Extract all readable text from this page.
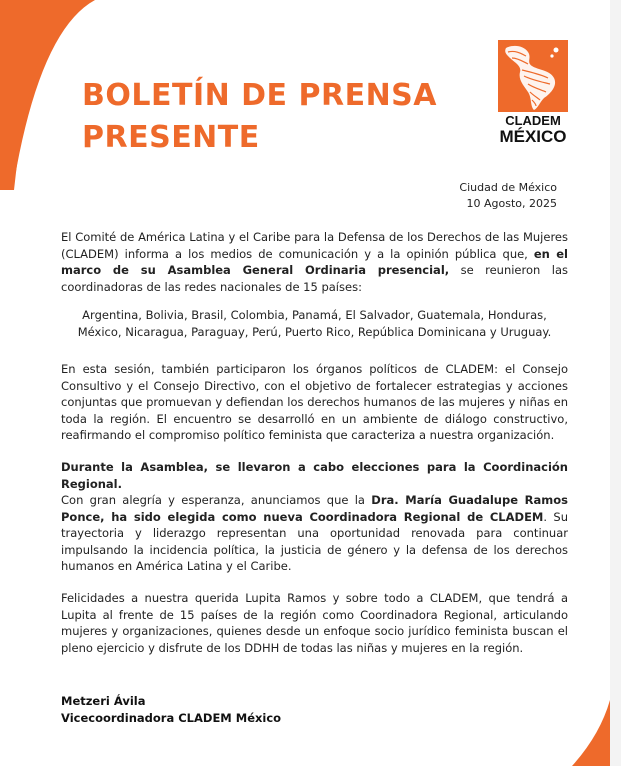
BOLETÍN DE PRENSA
PRESENTE	CLADEM
MÉXICO
Ciudad de México
10 Agosto, 2025

El Comité de América Latina y el Caribe para la Defensa de los Derechos de las Mujeres (CLADEM) informa a los medios de comunicación y a la opinión pública que, en el marco de su Asamblea General Ordinaria presencial, se reunieron las coordinadoras de las redes nacionales de 15 países:

Argentina, Bolivia, Brasil, Colombia, Panamá, El Salvador, Guatemala, Honduras, México, Nicaragua, Paraguay, Perú, Puerto Rico, República Dominicana y Uruguay.

En esta sesión, también participaron los órganos políticos de CLADEM: el Consejo Consultivo y el Consejo Directivo, con el objetivo de fortalecer estrategias y acciones conjuntas que promuevan y defiendan los derechos humanos de las mujeres y niñas en toda la región. El encuentro se desarrolló en un ambiente de diálogo constructivo, reafirmando el compromiso político feminista que caracteriza a nuestra organización.

Durante la Asamblea, se llevaron a cabo elecciones para la Coordinación Regional.

Con gran alegría y esperanza, anunciamos que la Dra. María Guadalupe Ramos Ponce, ha sido elegida como nueva Coordinadora Regional de CLADEM. Su trayectoria y liderazgo representan una oportunidad renovada para continuar impulsando la incidencia política, la justicia de género y la defensa de los derechos humanos en América Latina y el Caribe.

Felicidades a nuestra querida Lupita Ramos y sobre todo a CLADEM, que tendrá a Lupita al frente de 15 países de la región como Coordinadora Regional, articulando mujeres y organizaciones, quienes desde un enfoque socio jurídico feminista buscan el pleno ejercicio y disfrute de los DDHH de todas las niñas y mujeres en la región.

Metzeri Ávila
Vicecoordinadora CLADEM México
